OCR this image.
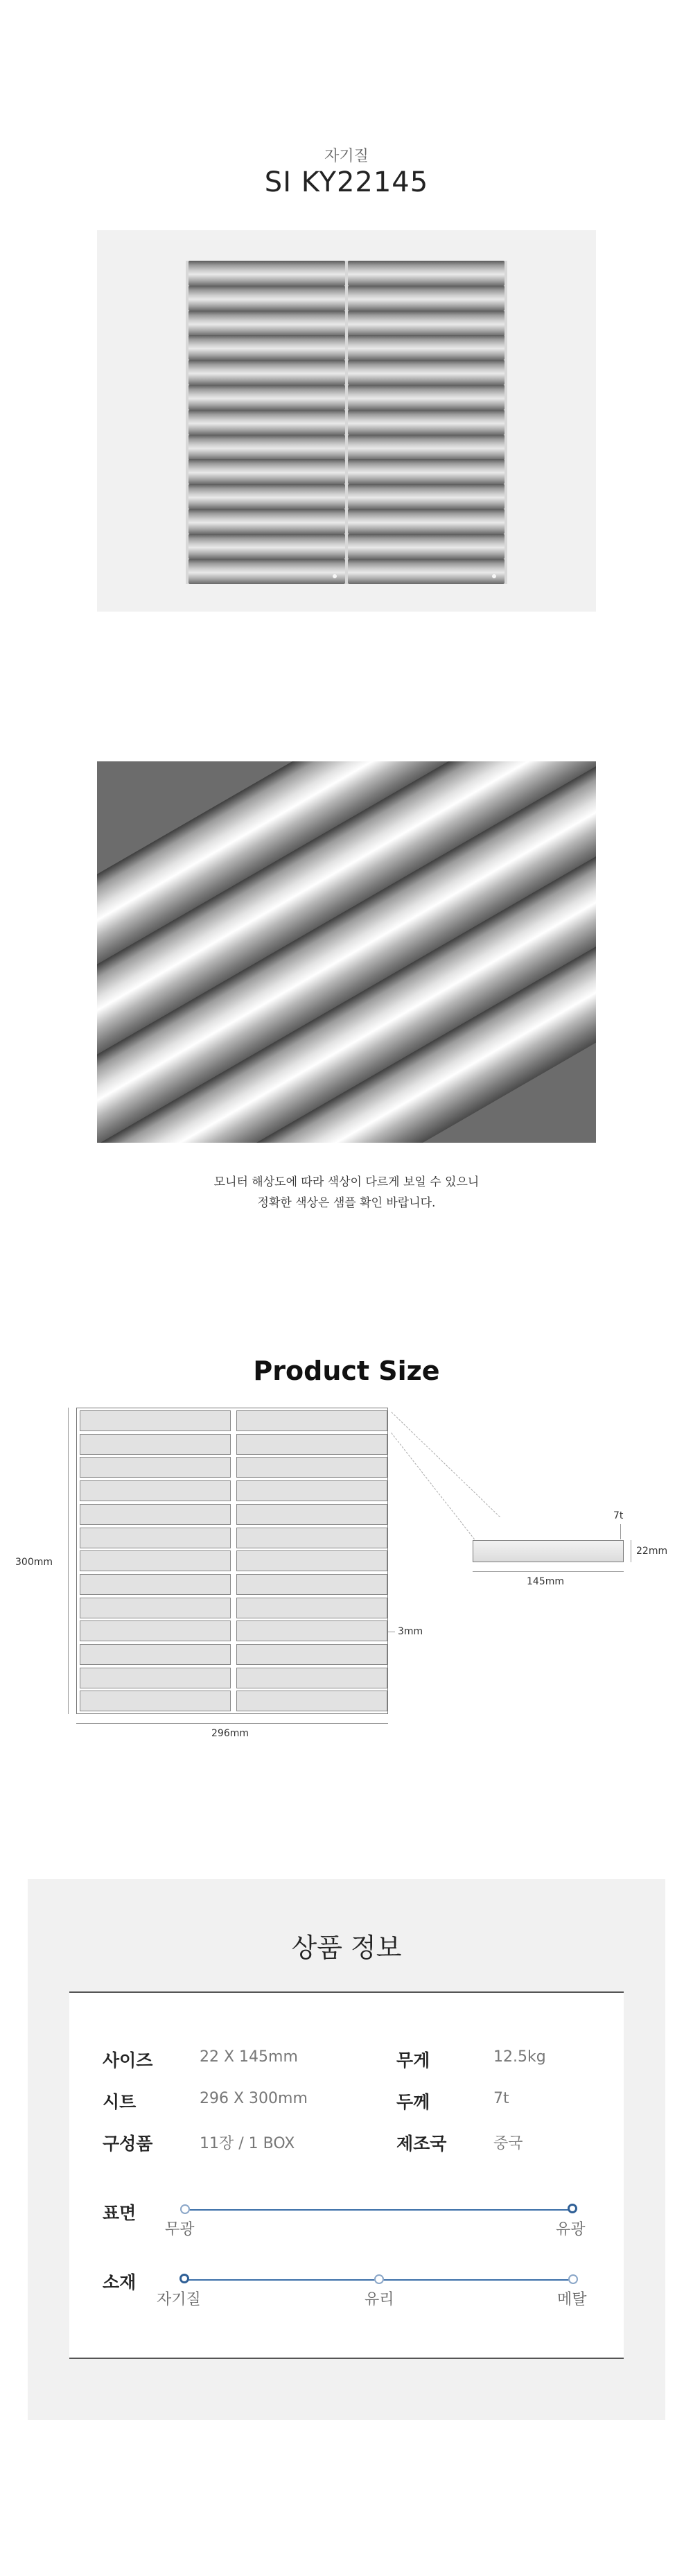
자기질
SI KY22145
모니터 해상도에 따라 색상이 다르게 보일 수 있으니
정확한 색상은 샘플 확인 바랍니다.
Product Size
300mm
296mm
3mm
7t
22mm
145mm
상품 정보
사이즈	22 X 145mm	무게	12.5kg
시트	296 X 300mm	두께	7t
구성품	11장 / 1 BOX	제조국	중국
표면
무광	유광
소재
자기질	유리	메탈
